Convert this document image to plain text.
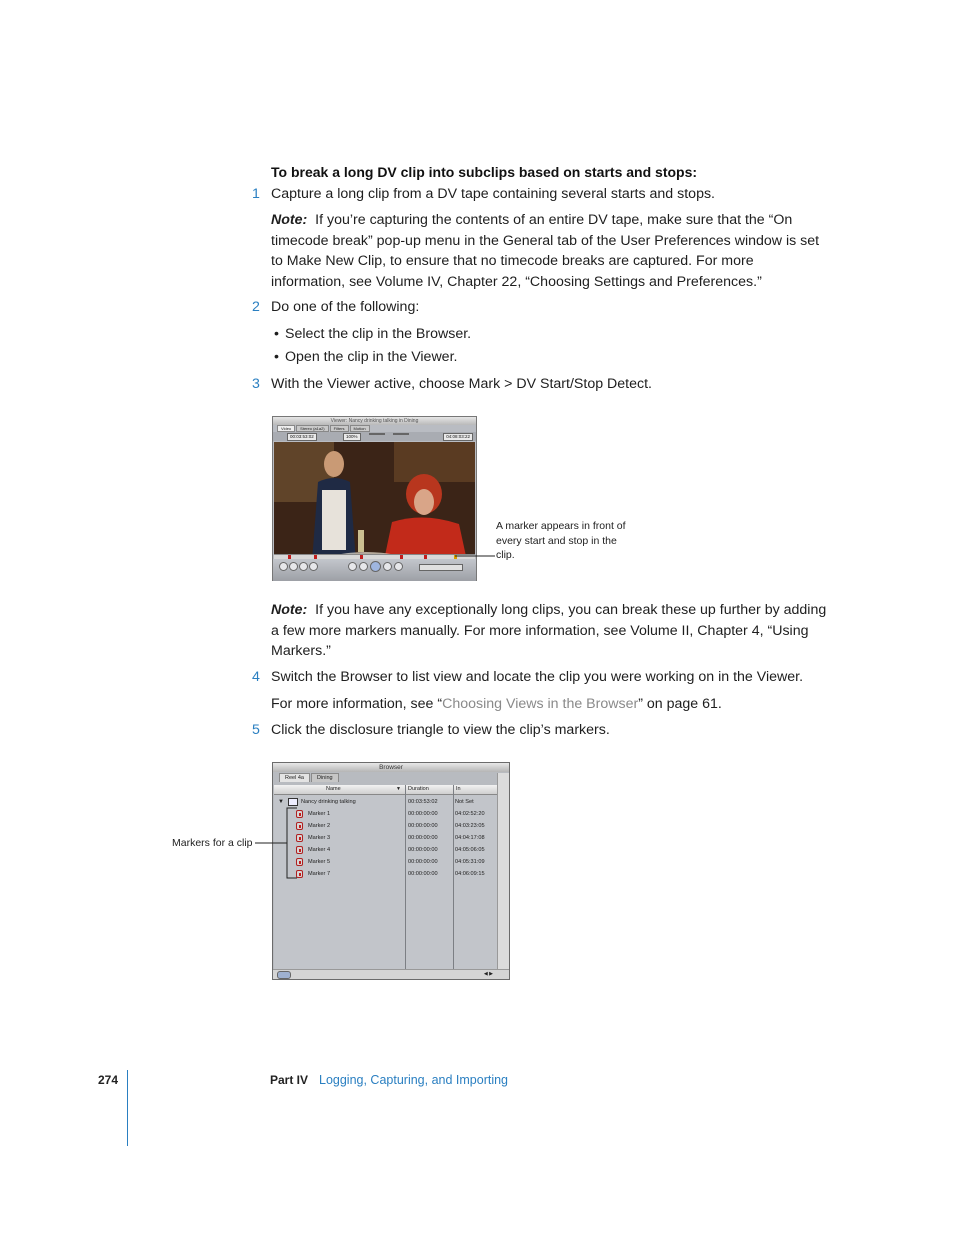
To break a long DV clip into subclips based on starts and stops:
1 Capture a long clip from a DV tape containing several starts and stops.
Note: If you’re capturing the contents of an entire DV tape, make sure that the “On timecode break” pop-up menu in the General tab of the User Preferences window is set to Make New Clip, to ensure that no timecode breaks are captured. For more information, see Volume IV, Chapter 22, “Choosing Settings and Preferences.”
2 Do one of the following:
• Select the clip in the Browser.
• Open the clip in the Viewer.
3 With the Viewer active, choose Mark > DV Start/Stop Detect.
Viewer: Nancy drinking talking in Dining
Video	Stereo (a1a2)	Filters	Motion
00:03:53:02	100%	04:08:03:22
A marker appears in front of every start and stop in the clip.
Note: If you have any exceptionally long clips, you can break these up further by adding a few more markers manually. For more information, see Volume II, Chapter 4, “Using Markers.”
4 Switch the Browser to list view and locate the clip you were working on in the Viewer.
For more information, see “Choosing Views in the Browser” on page 61.
5 Click the disclosure triangle to view the clip’s markers.
Browser
Reel 4a	Dining
Name	▼ Duration	In
▼	Nancy drinking talking	00:03:53:02	Not Set
Marker 1	00:00:00:00	04:02:52:20
Marker 2	00:00:00:00	04:03:23:05
Marker 3	00:00:00:00	04:04:17:08
Marker 4	00:00:00:00	04:05:06:05
Marker 5	00:00:00:00	04:05:31:09
Marker 7	00:00:00:00	04:06:09:15
◀ ▶
Markers for a clip
274	Part IV Logging, Capturing, and Importing
